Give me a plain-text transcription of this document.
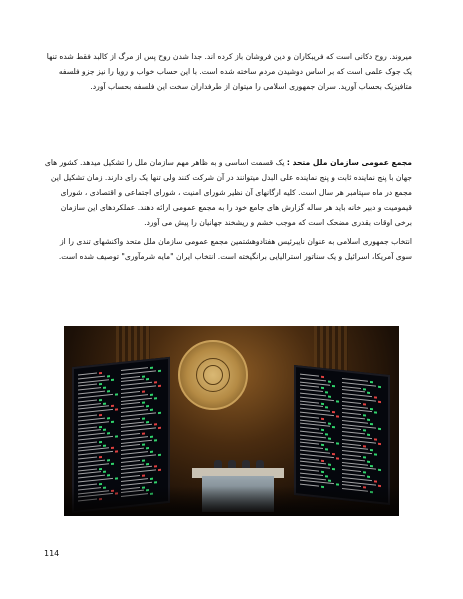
میروند. روح دکانی است که فریبکاران و دین فروشان باز کرده اند. جدا شدن روح پس از مرگ از کالبد فقط شده تنها یک جوک علمی است که بر اساس دوشیدن مردم ساخته شده است. با این حساب خواب و رویا را نیز جزو فلسفه متافیزیک بحساب آورید. سران جمهوری اسلامی را میتوان از طرفداران سخت این فلسفه بحساب آورد.

مجمع عمومی سازمان ملل متحد : یک قسمت اساسی و به ظاهر مهم سازمان ملل را تشکیل میدهد. کشور های جهان با پنج نماینده ثابت و پنج نماینده علی البدل میتوانند در آن شرکت کنند ولی تنها یک رای دارند. زمان تشکیل این مجمع در ماه سپتامبر هر سال است. کلیه ارگانهای آن نظیر شورای امنیت ، شورای اجتماعی و اقتصادی ، شورای قیمومیت و دبیر خانه باید هر ساله گزارش های جامع خود را به مجمع عمومی ارائه دهند. عملکردهای این سازمان برخی اوقات بقدری مضحک است که موجب خشم و ریشخند جهانیان را پیش می آورد.

انتخاب جمهوری اسلامی به عنوان نایبرئیس هفتادوهشتمین مجمع عمومی سازمان ملل متحد واکنشهای تندی را از سوی آمریکا، اسرائیل و یک سناتور استرالیایی برانگیخته است. انتخاب ایران "مایه شرمآوری" توصیف شده است.

114
